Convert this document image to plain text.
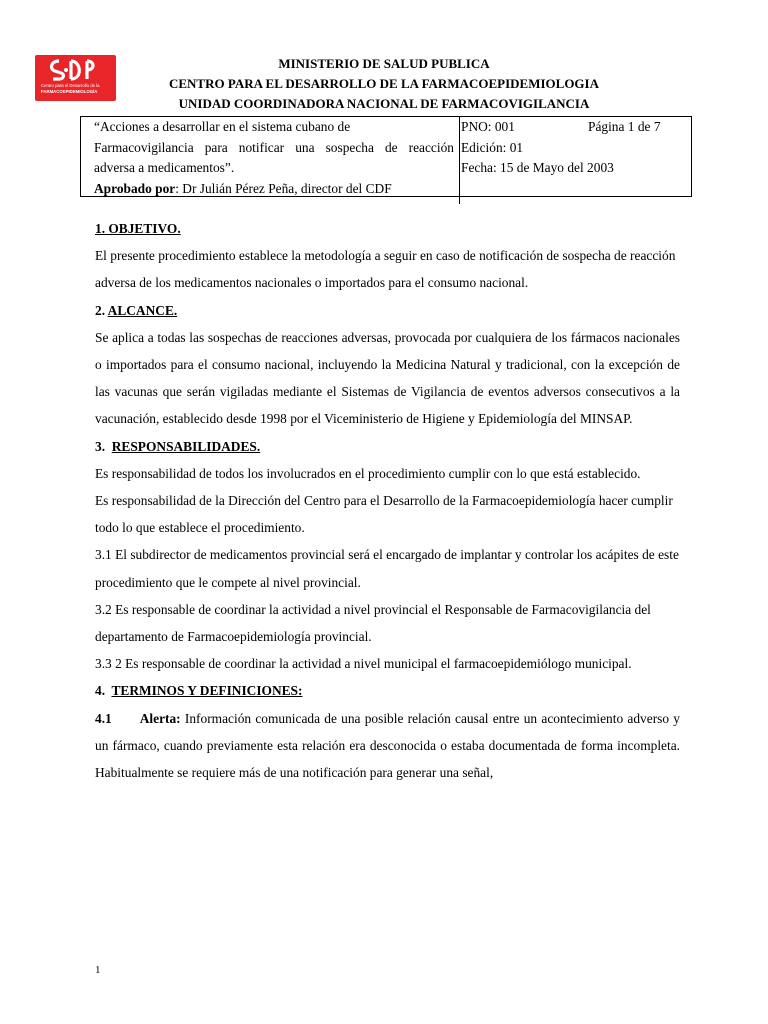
Centro para el Desarrollo de la
FARMACOEPIDEMIOLOGÍA
MINISTERIO DE SALUD PUBLICA
CENTRO PARA EL DESARROLLO DE LA FARMACOEPIDEMIOLOGIA
UNIDAD COORDINADORA NACIONAL DE FARMACOVIGILANCIA
“Acciones a desarrollar en el sistema cubano de
Farmacovigilancia para notificar una sospecha de reacción
adversa a medicamentos”.
Aprobado por: Dr Julián Pérez Peña, director del CDF
PNO: 001	Página 1 de 7
Edición: 01
Fecha: 15 de Mayo del 2003

1. OBJETIVO.

El presente procedimiento establece la metodología a seguir en caso de notificación de sospecha de reacción adversa de los medicamentos nacionales o importados para el consumo nacional.

2. ALCANCE.

Se aplica a todas las sospechas de reacciones adversas, provocada por cualquiera de los fármacos nacionales o importados para el consumo nacional, incluyendo la Medicina Natural y tradicional, con la excepción de las vacunas que serán vigiladas mediante el Sistemas de Vigilancia de eventos adversos consecutivos a la vacunación, establecido desde 1998 por el Viceministerio de Higiene y Epidemiología del MINSAP.

3.  RESPONSABILIDADES.

Es responsabilidad de todos los involucrados en el procedimiento cumplir con lo que está establecido.

Es responsabilidad de la Dirección del Centro para el Desarrollo de la Farmacoepidemiología hacer cumplir todo lo que establece el procedimiento.

3.1 El subdirector de medicamentos provincial será el encargado de implantar y controlar los acápites de este procedimiento que le compete al nivel provincial.

3.2 Es responsable de coordinar la actividad a nivel provincial el Responsable de Farmacovigilancia del departamento de Farmacoepidemiología provincial.

3.3 2 Es responsable de coordinar la actividad a nivel municipal el farmacoepidemiólogo municipal.

4.  TERMINOS Y DEFINICIONES:

4.1 Alerta: Información comunicada de una posible relación causal entre un acontecimiento adverso y un fármaco, cuando previamente esta relación era desconocida o estaba documentada de forma incompleta. Habitualmente se requiere más de una notificación para generar una señal,

1
